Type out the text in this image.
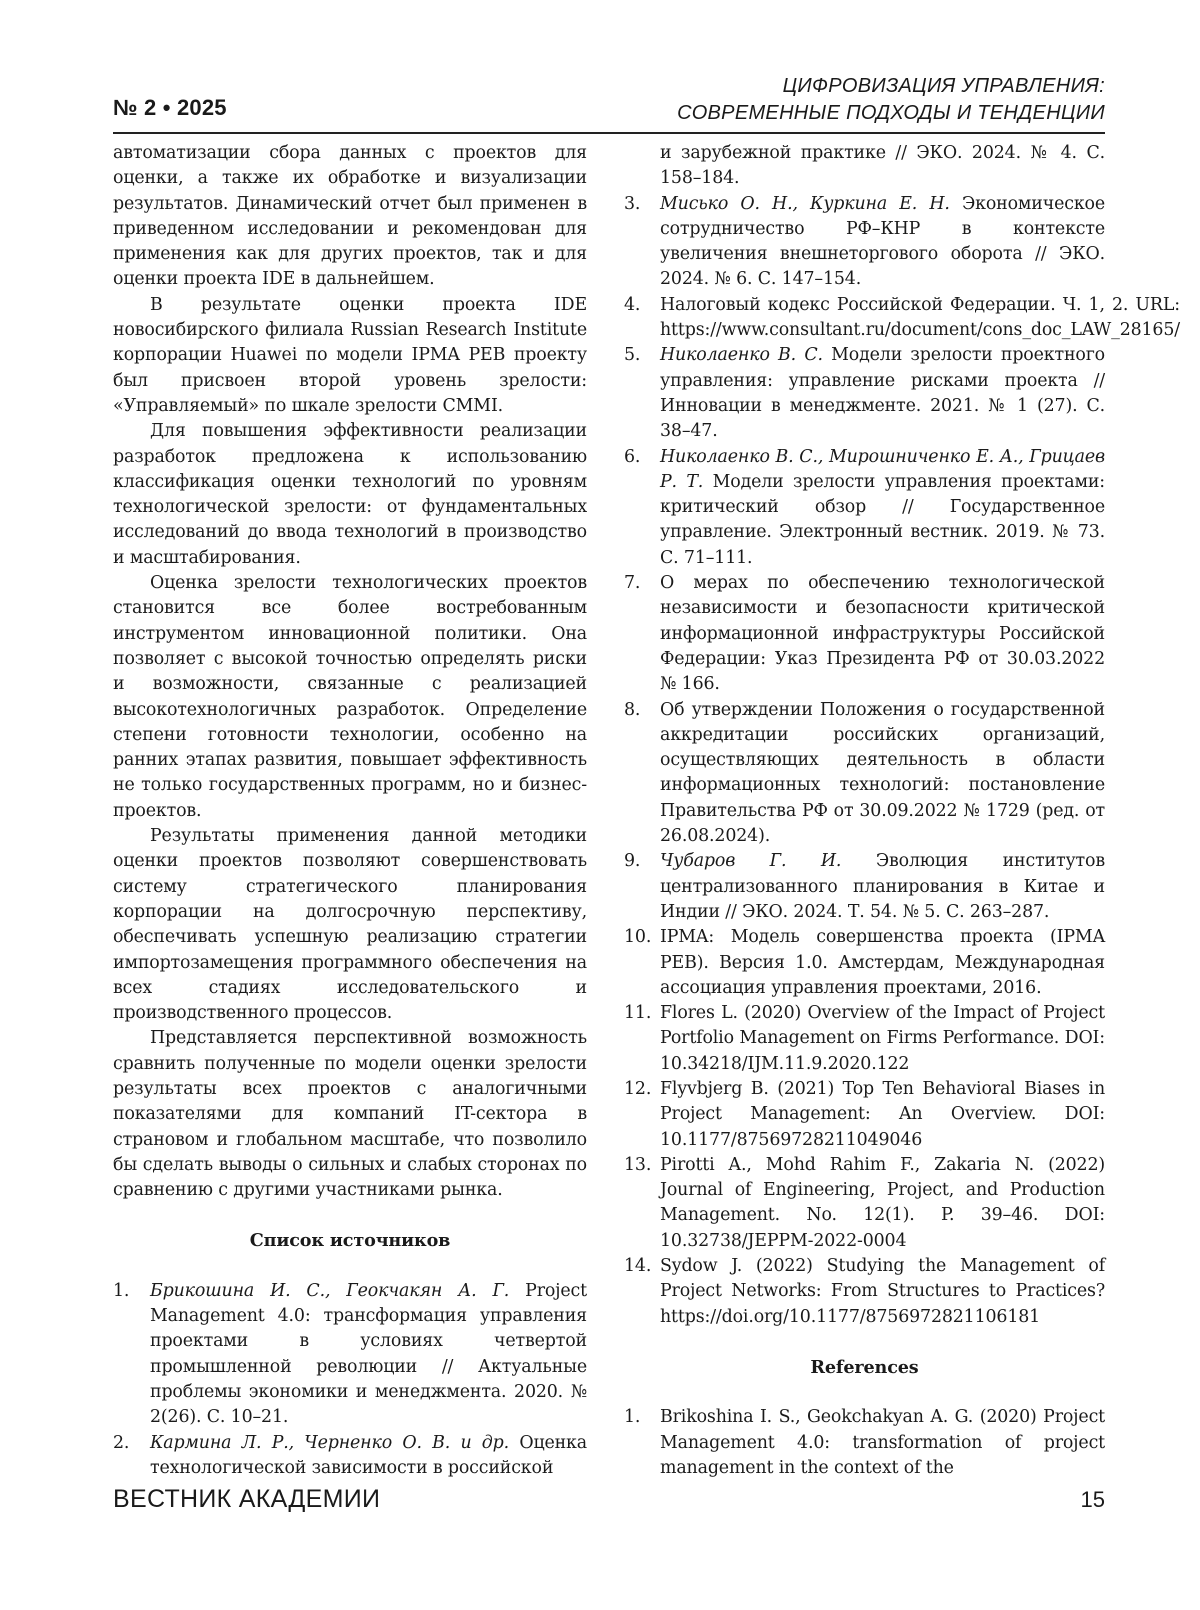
№ 2 • 2025
ЦИФРОВИЗАЦИЯ УПРАВЛЕНИЯ:
СОВРЕМЕННЫЕ ПОДХОДЫ И ТЕНДЕНЦИИ

автоматизации сбора данных с проектов для оценки, а также их обработке и визуализации результатов. Динамический отчет был применен в приведенном исследовании и рекомендован для применения как для других проектов, так и для оценки проекта IDE в дальнейшем.

В результате оценки проекта IDE новосибирского филиала Russian Research Institute корпорации Huawei по модели IPMA PEB проекту был присвоен второй уровень зрелости: «Управляемый» по шкале зрелости CMMI.

Для повышения эффективности реализации разработок предложена к использованию классификация оценки технологий по уровням технологической зрелости: от фундаментальных исследований до ввода технологий в производство и масштабирования.

Оценка зрелости технологических проектов становится все более востребованным инструментом инновационной политики. Она позволяет с высокой точностью определять риски и возможности, связанные с реализацией высокотехнологичных разработок. Определение степени готовности технологии, особенно на ранних этапах развития, повышает эффективность не только государственных программ, но и бизнес-проектов.

Результаты применения данной методики оценки проектов позволяют совершенствовать систему стратегического планирования корпорации на долгосрочную перспективу, обеспечивать успешную реализацию стратегии импортозамещения программного обеспечения на всех стадиях исследовательского и производственного процессов.

Представляется перспективной возможность сравнить полученные по модели оценки зрелости результаты всех проектов с аналогичными показателями для компаний IT-сектора в страновом и глобальном масштабе, что позволило бы сделать выводы о сильных и слабых сторонах по сравнению с другими участниками рынка.

Список источников

1.	Брикошина И. С., Геокчакян А. Г. Project Management 4.0: трансформация управления проектами в условиях четвертой промышленной революции // Актуальные проблемы экономики и менеджмента. 2020. № 2(26). С. 10–21.
2.	Кармина Л. Р., Черненко О. В. и др. Оценка технологической зависимости в российской
и зарубежной практике // ЭКО. 2024. № 4. С. 158–184.
3.	Мисько О. Н., Куркина Е. Н. Экономическое сотрудничество РФ–КНР в контексте увеличения внешнеторгового оборота // ЭКО. 2024. № 6. С. 147–154.
4.	Налоговый кодекс Российской Федерации. Ч. 1, 2. URL: https://www.consultant.ru/document/cons_doc_LAW_28165/
5.	Николаенко В. С. Модели зрелости проектного управления: управление рисками проекта // Инновации в менеджменте. 2021. № 1 (27). С. 38–47.
6.	Николаенко В. С., Мирошниченко Е. А., Грицаев Р. Т. Модели зрелости управления проектами: критический обзор // Государственное управление. Электронный вестник. 2019. № 73. С. 71–111.
7.	О мерах по обеспечению технологической независимости и безопасности критической информационной инфраструктуры Российской Федерации: Указ Президента РФ от 30.03.2022 № 166.
8.	Об утверждении Положения о государственной аккредитации российских организаций, осуществляющих деятельность в области информационных технологий: постановление Правительства РФ от 30.09.2022 № 1729 (ред. от 26.08.2024).
9.	Чубаров Г. И. Эволюция институтов централизованного планирования в Китае и Индии // ЭКО. 2024. Т. 54. № 5. С. 263–287.
10. IPMA: Модель совершенства проекта (IPMA PEB). Версия 1.0. Амстердам, Международная ассоциация управления проектами, 2016.
11. Flores L. (2020) Overview of the Impact of Project Portfolio Management on Firms Performance. DOI: 10.34218/IJM.11.9.2020.122
12. Flyvbjerg B. (2021) Top Ten Behavioral Biases in Project Management: An Overview. DOI: 10.1177/87569728211049046
13. Pirotti A., Mohd Rahim F., Zakaria N. (2022) Journal of Engineering, Project, and Production Management. No. 12(1). P. 39–46. DOI: 10.32738/JEPPM-2022-0004
14. Sydow J. (2022) Studying the Management of Project Networks: From Structures to Practices? https://doi.org/10.1177/8756972821106181

References

1.	Brikoshina I. S., Geokchakyan A. G. (2020) Project Management 4.0: transformation of project management in the context of the
ВЕСТНИК АКАДЕМИИ	15
